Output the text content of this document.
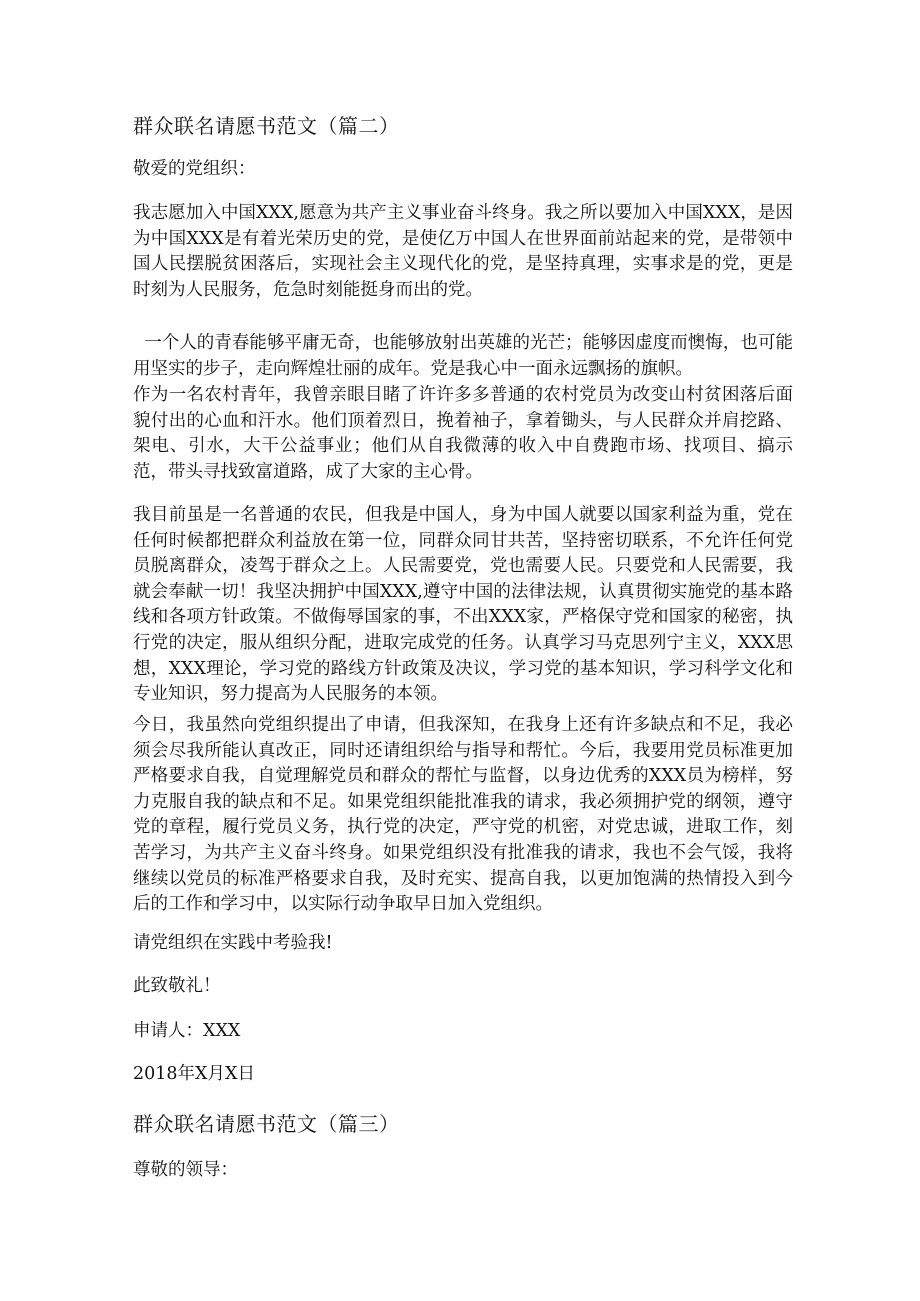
群众联名请愿书范文（篇二）
敬爱的党组织：

我志愿加入中国XXX,愿意为共产主义事业奋斗终身。我之所以要加入中国XXX，是因为中国XXX是有着光荣历史的党，是使亿万中国人在世界面前站起来的党，是带领中国人民摆脱贫困落后，实现社会主义现代化的党，是坚持真理，实事求是的党，更是时刻为人民服务，危急时刻能挺身而出的党。

一个人的青春能够平庸无奇，也能够放射出英雄的光芒；能够因虚度而懊悔，也可能用坚实的步子，走向辉煌壮丽的成年。党是我心中一面永远飘扬的旗帜。

作为一名农村青年，我曾亲眼目睹了许许多多普通的农村党员为改变山村贫困落后面貌付出的心血和汗水。他们顶着烈日，挽着袖子，拿着锄头，与人民群众并肩挖路、架电、引水，大干公益事业；他们从自我微薄的收入中自费跑市场、找项目、搞示范，带头寻找致富道路，成了大家的主心骨。

我目前虽是一名普通的农民，但我是中国人，身为中国人就要以国家利益为重，党在任何时候都把群众利益放在第一位，同群众同甘共苦，坚持密切联系，不允许任何党员脱离群众，凌驾于群众之上。人民需要党，党也需要人民。只要党和人民需要，我就会奉献一切！我坚决拥护中国XXX,遵守中国的法律法规，认真贯彻实施党的基本路线和各项方针政策。不做侮辱国家的事，不出XXX家，严格保守党和国家的秘密，执行党的决定，服从组织分配，进取完成党的任务。认真学习马克思列宁主义，XXX思想，XXX理论，学习党的路线方针政策及决议，学习党的基本知识，学习科学文化和专业知识，努力提高为人民服务的本领。

今日，我虽然向党组织提出了申请，但我深知，在我身上还有许多缺点和不足，我必须会尽我所能认真改正，同时还请组织给与指导和帮忙。今后，我要用党员标准更加严格要求自我，自觉理解党员和群众的帮忙与监督，以身边优秀的XXX员为榜样，努力克服自我的缺点和不足。如果党组织能批准我的请求，我必须拥护党的纲领，遵守党的章程，履行党员义务，执行党的决定，严守党的机密，对党忠诚，进取工作，刻苦学习，为共产主义奋斗终身。如果党组织没有批准我的请求，我也不会气馁，我将继续以党员的标准严格要求自我，及时充实、提高自我，以更加饱满的热情投入到今后的工作和学习中，以实际行动争取早日加入党组织。

请党组织在实践中考验我!
此致敬礼！
申请人：XXX
2018年X月X日
群众联名请愿书范文（篇三）
尊敬的领导：
